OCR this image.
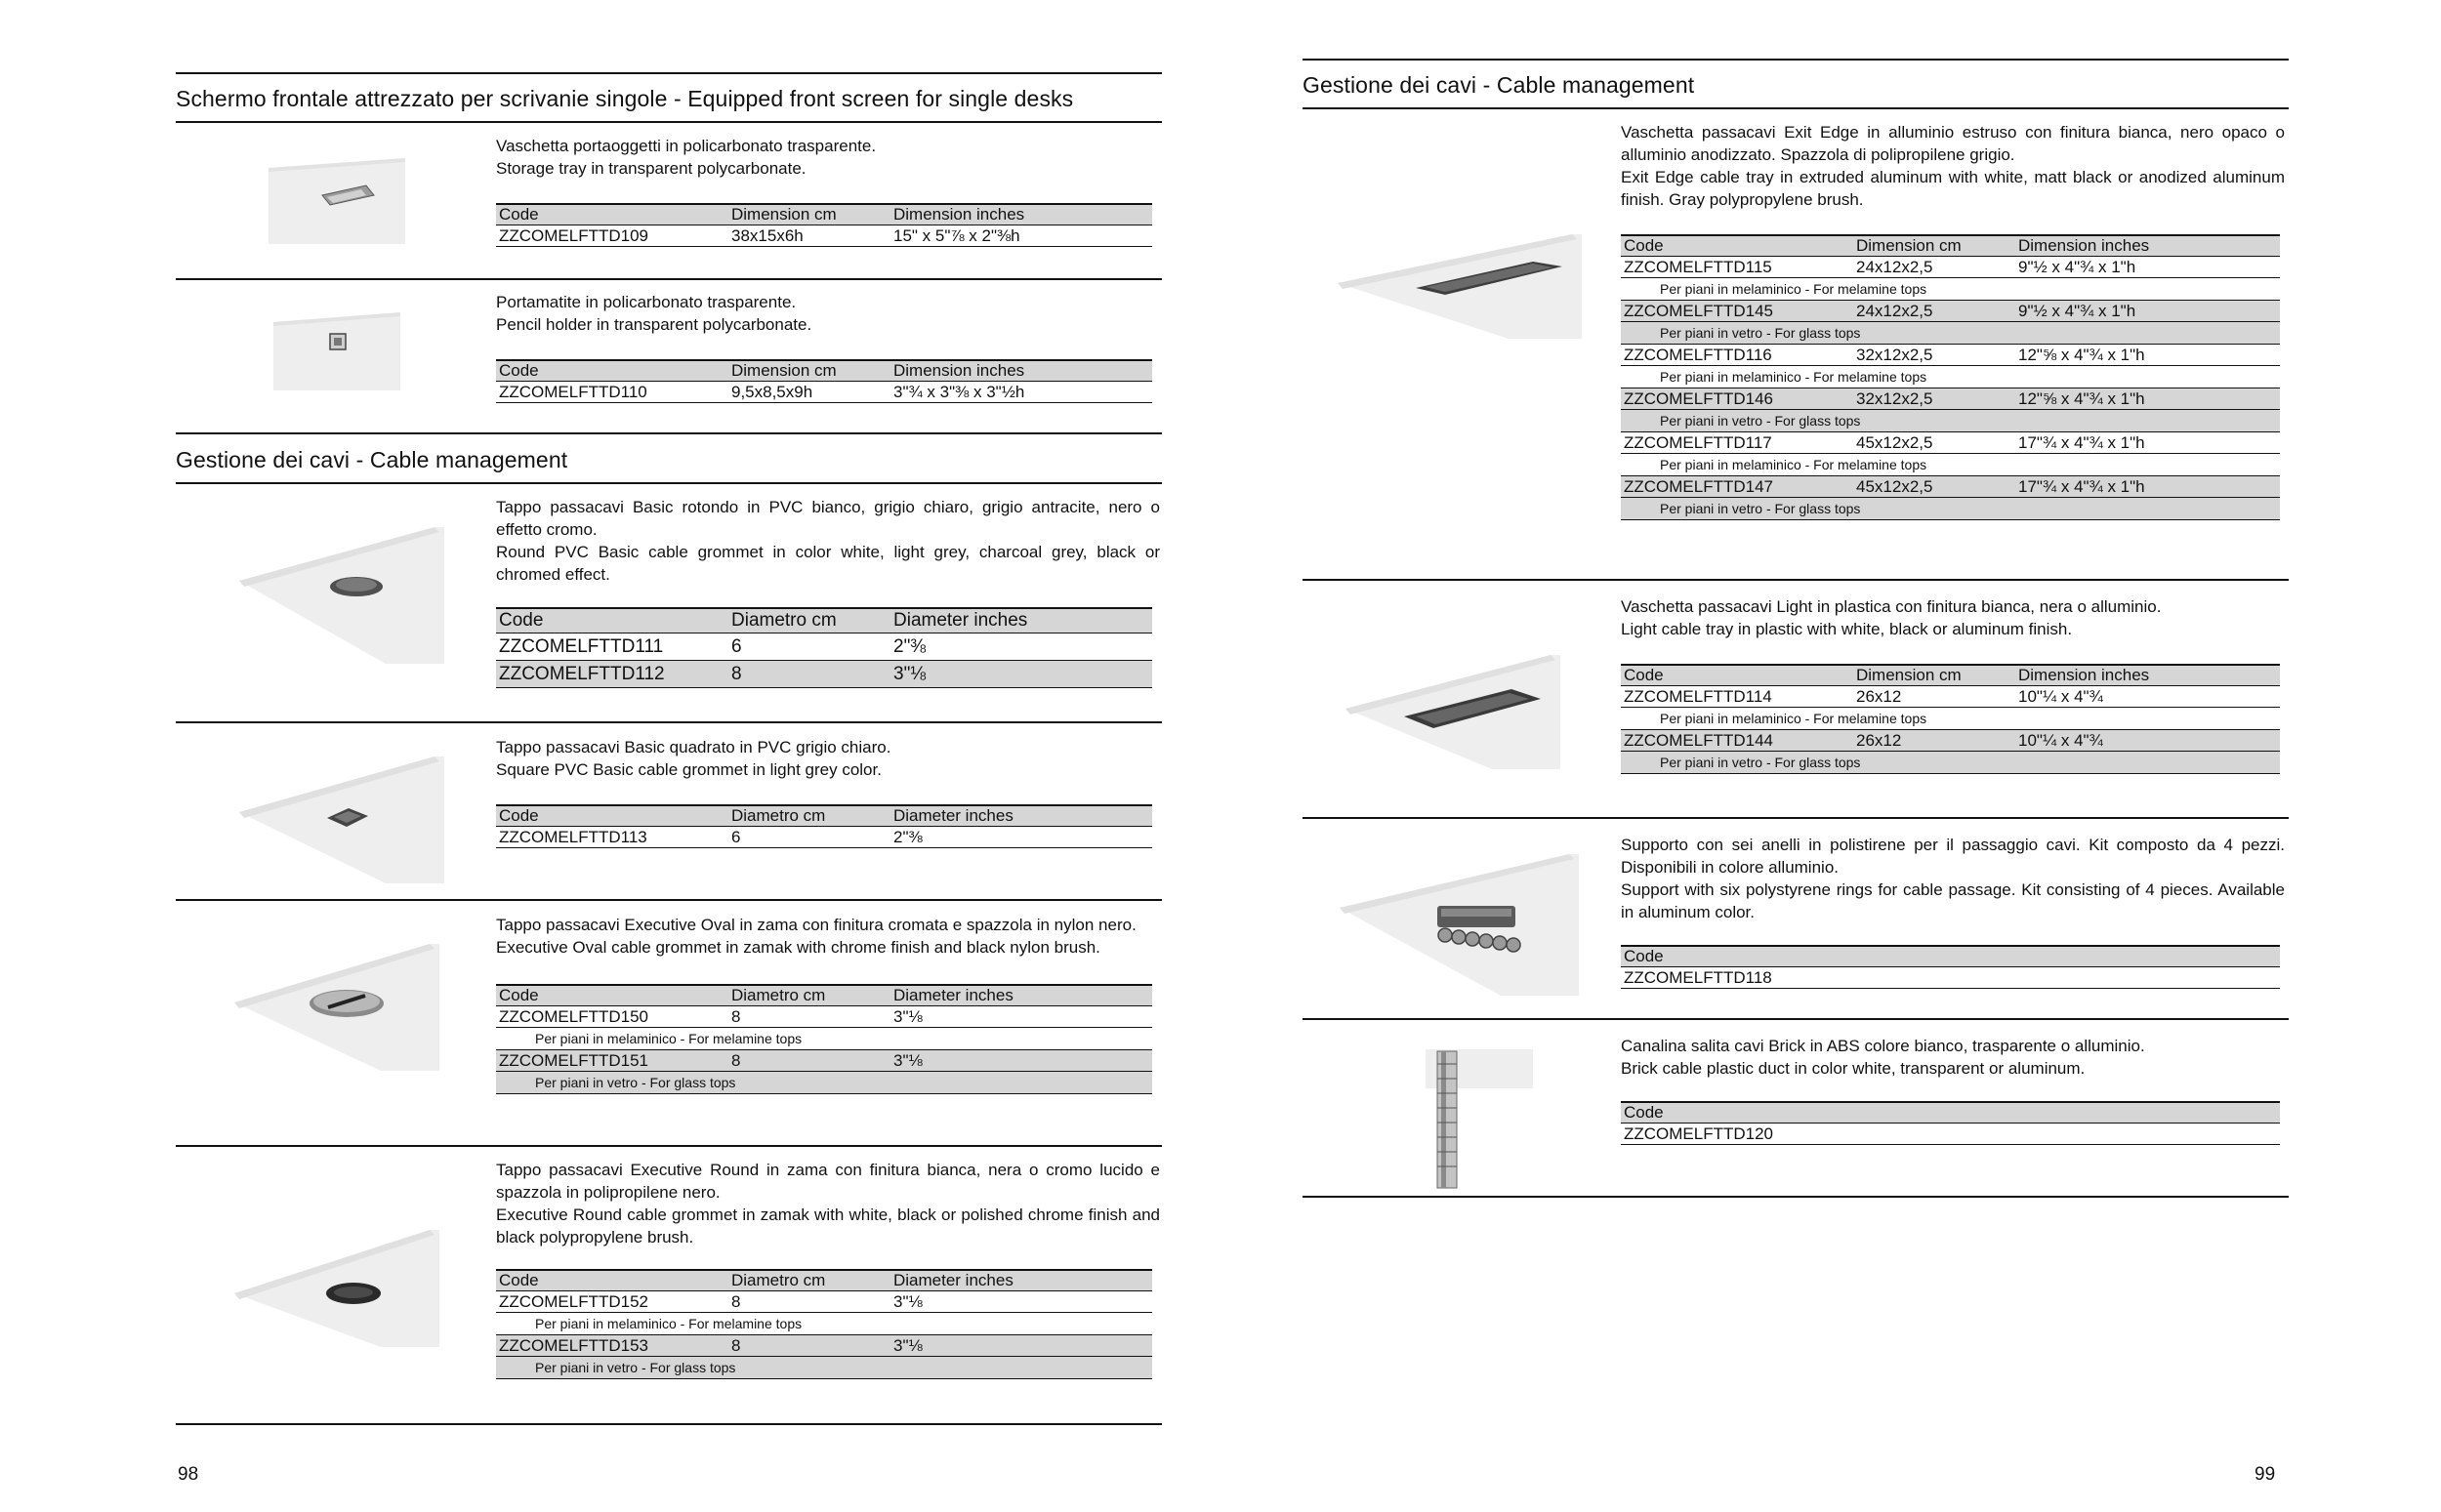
Schermo frontale attrezzato per scrivanie singole - Equipped front screen for single desks

Vaschetta portaoggetti in policarbonato trasparente.

Storage tray in transparent polycarbonate.

Code	Dimension cm	Dimension inches
ZZCOMELFTTD109	38x15x6h	15" x 5"⅞ x 2"⅜h

Portamatite in policarbonato trasparente.

Pencil holder in transparent polycarbonate.

Code	Dimension cm	Dimension inches
ZZCOMELFTTD110	9,5x8,5x9h	3"¾ x 3"⅜ x 3"½h
Gestione dei cavi - Cable management

Tappo passacavi Basic rotondo in PVC bianco, grigio chiaro, grigio antracite, nero o effetto cromo.

Round PVC Basic cable grommet in color white, light grey, charcoal grey, black or chromed effect.

Code	Diametro cm	Diameter inches
ZZCOMELFTTD111	6	2"⅜
ZZCOMELFTTD112	8	3"⅛

Tappo passacavi Basic quadrato in PVC grigio chiaro.

Square PVC Basic cable grommet in light grey color.

Code	Diametro cm	Diameter inches
ZZCOMELFTTD113	6	2"⅜

Tappo passacavi Executive Oval in zama con finitura cromata e spazzola in nylon nero.

Executive Oval cable grommet in zamak with chrome finish and black nylon brush.

Code	Diametro cm	Diameter inches
ZZCOMELFTTD150	8	3"⅛
Per piani in melaminico - For melamine tops		
ZZCOMELFTTD151	8	3"⅛
Per piani in vetro - For glass tops		

Tappo passacavi Executive Round in zama con finitura bianca, nera o cromo lucido e spazzola in polipropilene nero.

Executive Round cable grommet in zamak with white, black or polished chrome finish and black polypropylene brush.

Code	Diametro cm	Diameter inches
ZZCOMELFTTD152	8	3"⅛
Per piani in melaminico - For melamine tops		
ZZCOMELFTTD153	8	3"⅛
Per piani in vetro - For glass tops		
98
Gestione dei cavi - Cable management

Vaschetta passacavi Exit Edge in alluminio estruso con finitura bianca, nero opaco o alluminio anodizzato. Spazzola di polipropilene grigio.

Exit Edge cable tray in extruded aluminum with white, matt black or anodized aluminum finish. Gray polypropylene brush.

Code	Dimension cm	Dimension inches
ZZCOMELFTTD115	24x12x2,5	9"½ x 4"¾ x 1"h
Per piani in melaminico - For melamine tops		
ZZCOMELFTTD145	24x12x2,5	9"½ x 4"¾ x 1"h
Per piani in vetro - For glass tops		
ZZCOMELFTTD116	32x12x2,5	12"⅝ x 4"¾ x 1"h
Per piani in melaminico - For melamine tops		
ZZCOMELFTTD146	32x12x2,5	12"⅝ x 4"¾ x 1"h
Per piani in vetro - For glass tops		
ZZCOMELFTTD117	45x12x2,5	17"¾ x 4"¾ x 1"h
Per piani in melaminico - For melamine tops		
ZZCOMELFTTD147	45x12x2,5	17"¾ x 4"¾ x 1"h
Per piani in vetro - For glass tops		

Vaschetta passacavi Light in plastica con finitura bianca, nera o alluminio.

Light cable tray in plastic with white, black or aluminum finish.

Code	Dimension cm	Dimension inches
ZZCOMELFTTD114	26x12	10"¼ x 4"¾
Per piani in melaminico - For melamine tops		
ZZCOMELFTTD144	26x12	10"¼ x 4"¾
Per piani in vetro - For glass tops		

Supporto con sei anelli in polistirene per il passaggio cavi. Kit composto da 4 pezzi. Disponibili in colore alluminio.

Support with six polystyrene rings for cable passage. Kit consisting of 4 pieces. Available in aluminum color.

Code
ZZCOMELFTTD118

Canalina salita cavi Brick in ABS colore bianco, trasparente o alluminio.

Brick cable plastic duct in color white, transparent or aluminum.

Code
ZZCOMELFTTD120
99
